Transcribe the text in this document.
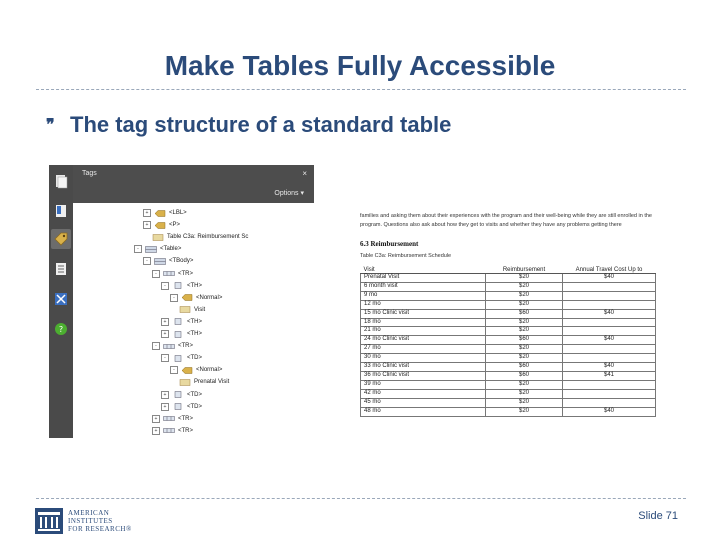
Make Tables Fully Accessible
❞ The tag structure of a standard table
?
Tags	×
Options ▾
+	<LBL>
+	<P>
Table C3a: Reimbursement Sc
-	<Table>
-	<TBody>
-	<TR>
-	<TH>
-	<Normal>
Visit
+	<TH>
+	<TH>
-	<TR>
-	<TD>
-	<Normal>
Prenatal Visit
+	<TD>
+	<TD>
+	<TR>
+	<TR>
families and asking them about their experiences with the program and their well-being while they are still enrolled in the program. Questions also ask about how they get to visits and whether they have any problems getting there
6.3 Reimbursement
Table C3a: Reimbursement Schedule
Visit	Reimbursement	Annual Travel Cost Up to
Prenatal Visit	$20	$40
6 month visit	$20	
9 mo	$20	
12 mo	$20	
15 mo Clinic visit	$60	$40
18 mo	$20	
21 mo	$20	
24 mo Clinic visit	$60	$40
27 mo	$20	
30 mo	$20	
33 mo Clinic visit	$60	$40
36 mo Clinic visit	$60	$41
39 mo	$20	
42 mo	$20	
45 mo	$20	
48 mo	$20	$40
AMERICAN
INSTITUTES
FOR RESEARCH®
Slide 71
